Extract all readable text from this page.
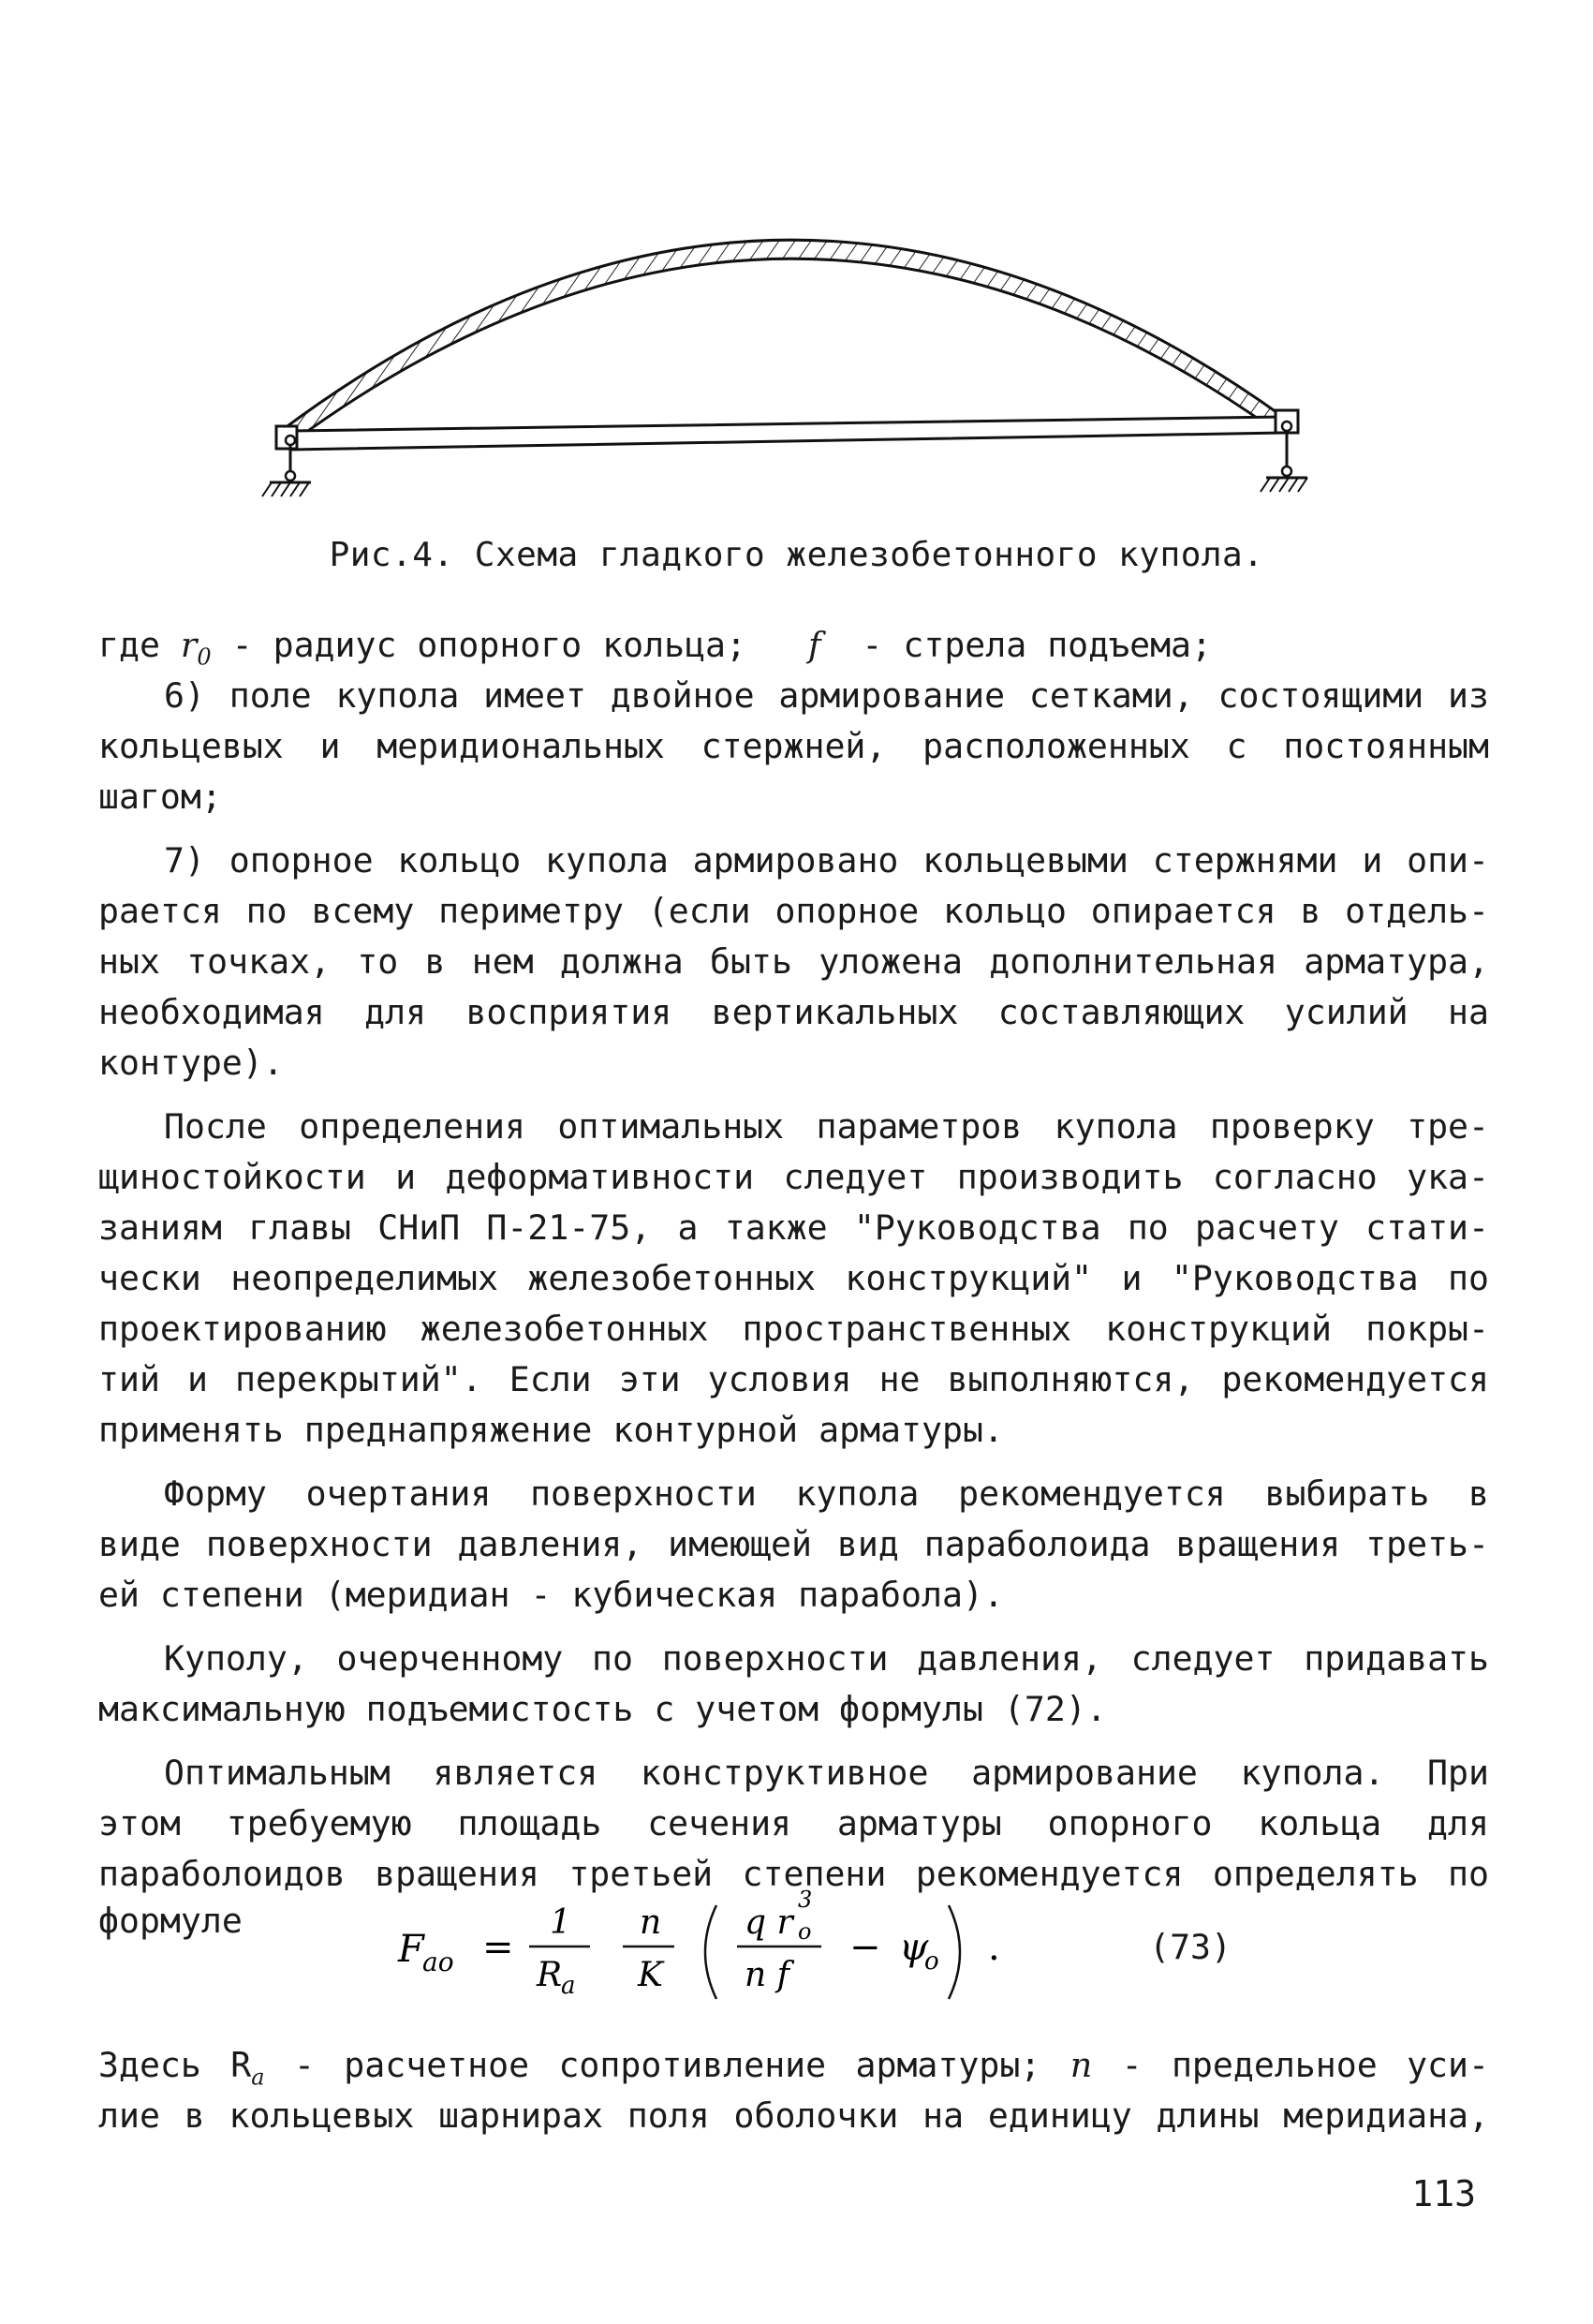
Рис.4. Схема гладкого железобетонного купола.
где $r_0$ - радиус опорного кольца; f - стрела подъема;
6) поле купола имеет двойное армирование сетками, состоящими из
кольцевых и меридиональных стержней, расположенных с постоянным
шагом;
7) опорное кольцо купола армировано кольцевыми стержнями и опи-
рается по всему периметру (если опорное кольцо опирается в отдель-
ных точках, то в нем должна быть уложена дополнительная арматура,
необходимая для восприятия вертикальных составляющих усилий на
контуре).
После определения оптимальных параметров купола проверку тре-
щиностойкости и деформативности следует производить согласно ука-
заниям главы СНиП П-21-75, а также "Руководства по расчету стати-
чески неопределимых железобетонных конструкций" и "Руководства по
проектированию железобетонных пространственных конструкций покры-
тий и перекрытий". Если эти условия не выполняются, рекомендуется
применять преднапряжение контурной арматуры.
Форму очертания поверхности купола рекомендуется выбирать в
виде поверхности давления, имеющей вид параболоида вращения треть-
ей степени (меридиан - кубическая парабола).
Куполу, очерченному по поверхности давления, следует придавать
максимальную подъемистость с учетом формулы (72).
Оптимальным является конструктивное армирование купола. При
этом требуемую площадь сечения арматуры опорного кольца для
параболоидов вращения третьей степени рекомендуется определять по
формуле
F
ao =
1
R
a
n
K
q r
3
o
n f
− ψ
o .	(73)
Здесь $R_a$ - расчетное сопротивление арматуры; n - предельное уси-
лие в кольцевых шарнирах поля оболочки на единицу длины меридиана,
113
